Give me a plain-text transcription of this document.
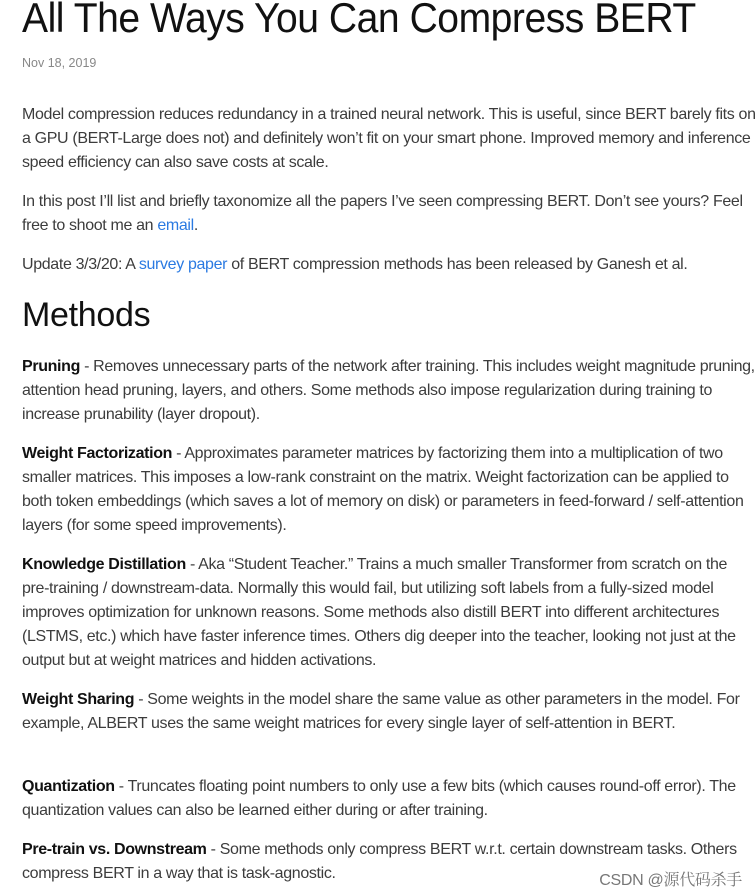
All The Ways You Can Compress BERT
Nov 18, 2019

Model compression reduces redundancy in a trained neural network. This is useful, since BERT barely fits on a GPU (BERT-Large does not) and definitely won’t fit on your smart phone. Improved memory and inference speed efficiency can also save costs at scale.

In this post I’ll list and briefly taxonomize all the papers I’ve seen compressing BERT. Don’t see yours? Feel free to shoot me an email.

Update 3/3/20: A survey paper of BERT compression methods has been released by Ganesh et al.

Methods

Pruning - Removes unnecessary parts of the network after training. This includes weight magnitude pruning, attention head pruning, layers, and others. Some methods also impose regularization during training to increase prunability (layer dropout).

Weight Factorization - Approximates parameter matrices by factorizing them into a multiplication of two smaller matrices. This imposes a low-rank constraint on the matrix. Weight factorization can be applied to both token embeddings (which saves a lot of memory on disk) or parameters in feed-forward / self-attention layers (for some speed improvements).

Knowledge Distillation - Aka “Student Teacher.” Trains a much smaller Transformer from scratch on the pre-training / downstream-data. Normally this would fail, but utilizing soft labels from a fully-sized model improves optimization for unknown reasons. Some methods also distill BERT into different architectures (LSTMS, etc.) which have faster inference times. Others dig deeper into the teacher, looking not just at the output but at weight matrices and hidden activations.

Weight Sharing - Some weights in the model share the same value as other parameters in the model. For example, ALBERT uses the same weight matrices for every single layer of self-attention in BERT.

Quantization - Truncates floating point numbers to only use a few bits (which causes round-off error). The quantization values can also be learned either during or after training.

Pre-train vs. Downstream - Some methods only compress BERT w.r.t. certain downstream tasks. Others compress BERT in a way that is task-agnostic.	CSDN @源代码杀手
